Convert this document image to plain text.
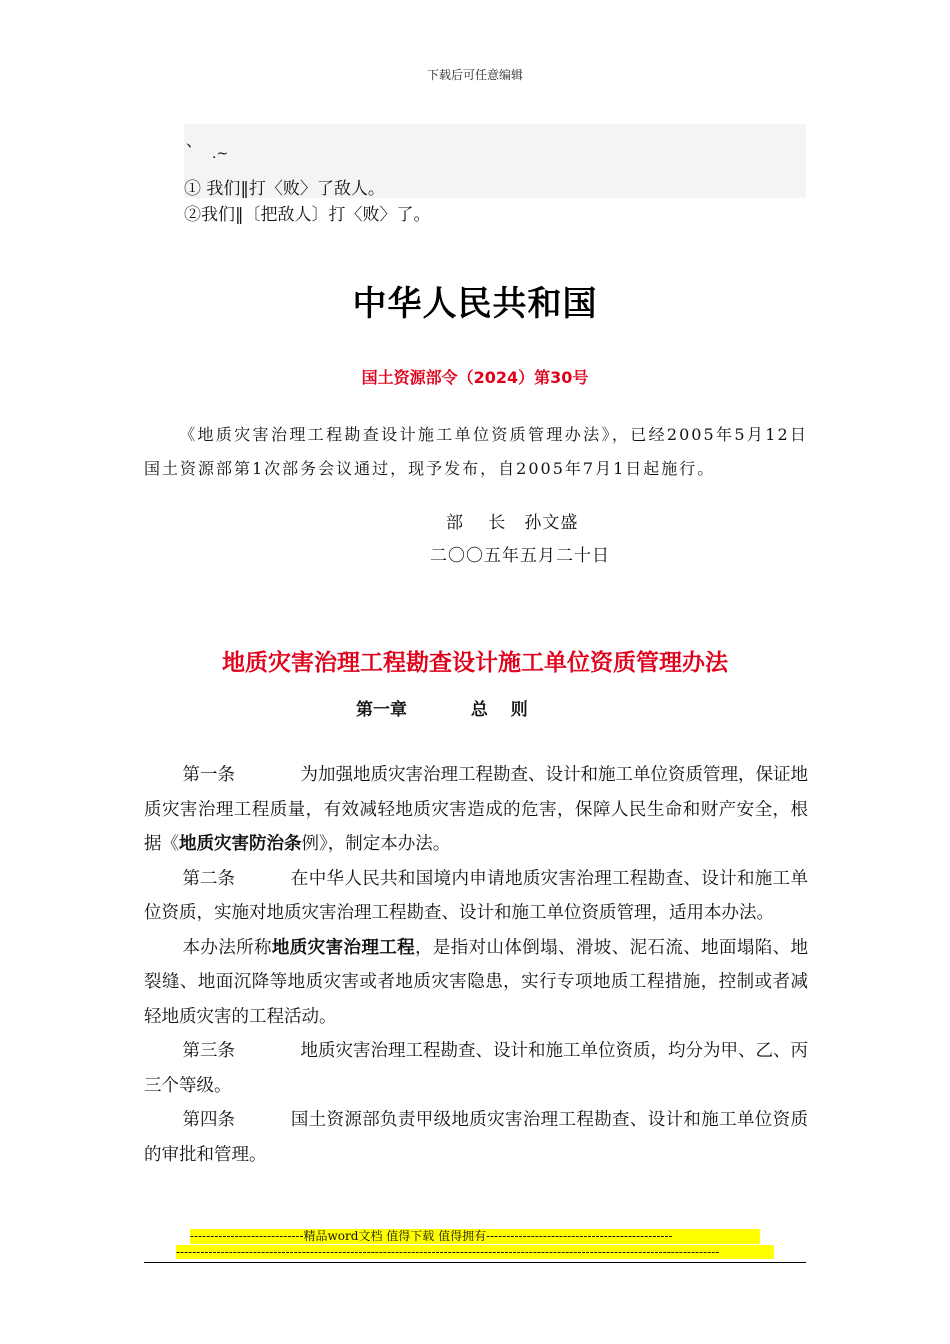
下载后可任意编辑
、
.~
① 我们‖打〈败〉了敌人。
②我们‖〔把敌人〕打〈败〉了。
中华人民共和国
国土资源部令（2024）第30号
《地质灾害治理工程勘查设计施工单位资质管理办法》，已经2005年5月12日国土资源部第1次部务会议通过，现予发布，自2005年7月1日起施行。
部　 长　孙文盛
二〇〇五年五月二十日
地质灾害治理工程勘查设计施工单位资质管理办法
第一章	总　 则

第一条	为加强地质灾害治理工程勘查、设计和施工单位资质管理，保证地质灾害治理工程质量，有效减轻地质灾害造成的危害，保障人民生命和财产安全，根据《地质灾害防治条例》，制定本办法。

第二条	在中华人民共和国境内申请地质灾害治理工程勘查、设计和施工单位资质，实施对地质灾害治理工程勘查、设计和施工单位资质管理，适用本办法。

本办法所称地质灾害治理工程，是指对山体倒塌、滑坡、泥石流、地面塌陷、地裂缝、地面沉降等地质灾害或者地质灾害隐患，实行专项地质工程措施，控制或者减轻地质灾害的工程活动。

第三条	地质灾害治理工程勘查、设计和施工单位资质，均分为甲、乙、丙三个等级。

第四条	国土资源部负责甲级地质灾害治理工程勘查、设计和施工单位资质的审批和管理。

----------------------------精品word文档 值得下载 值得拥有----------------------------------------------
--------------------------------------------------------------------------------------------------------------------------------------
